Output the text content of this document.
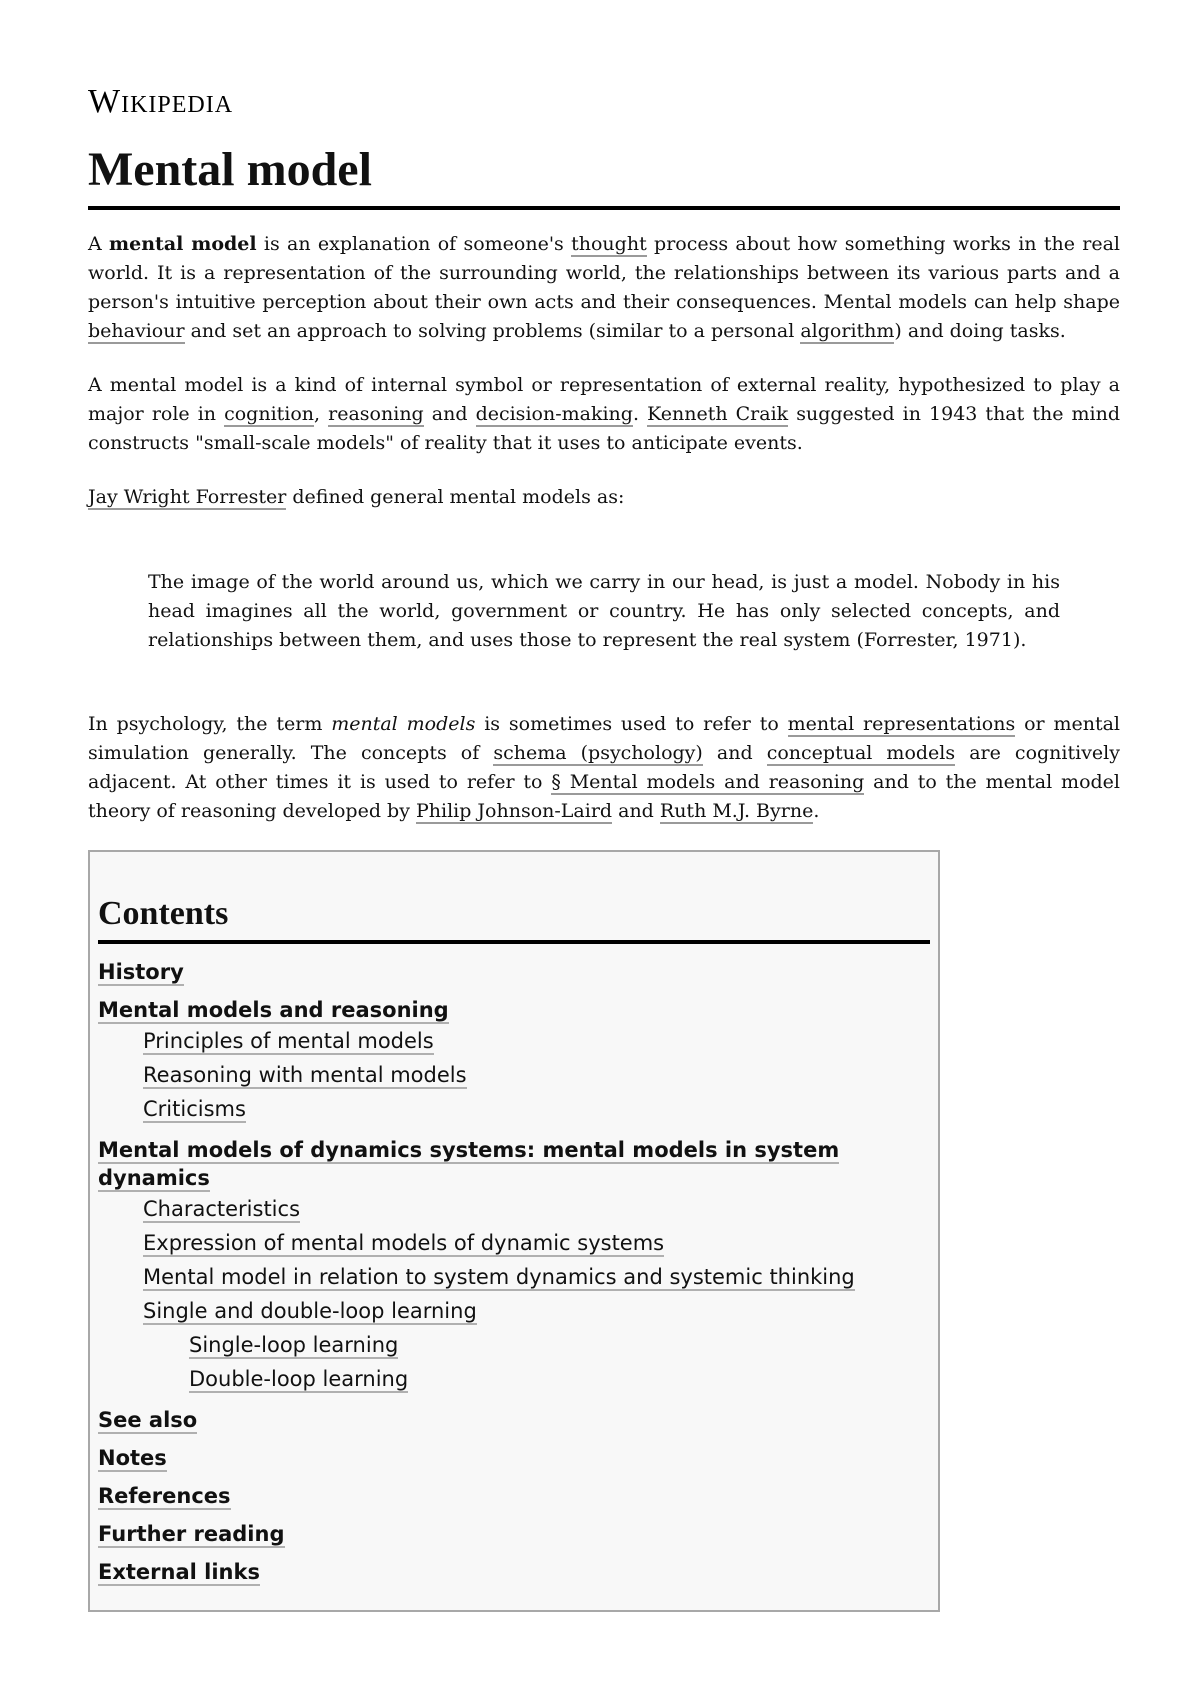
Wikipedia
Mental model

A mental model is an explanation of someone's thought process about how something works in the real world. It is a representation of the surrounding world, the relationships between its various parts and a person's intuitive perception about their own acts and their consequences. Mental models can help shape behaviour and set an approach to solving problems (similar to a personal algorithm) and doing tasks.

A mental model is a kind of internal symbol or representation of external reality, hypothesized to play a major role in cognition, reasoning and decision-making. Kenneth Craik suggested in 1943 that the mind constructs "small-scale models" of reality that it uses to anticipate events.

Jay Wright Forrester defined general mental models as:

The image of the world around us, which we carry in our head, is just a model. Nobody in his head imagines all the world, government or country. He has only selected concepts, and relationships between them, and uses those to represent the real system (Forrester, 1971).

In psychology, the term mental models is sometimes used to refer to mental representations or mental simulation generally. The concepts of schema (psychology) and conceptual models are cognitively adjacent. At other times it is used to refer to § Mental models and reasoning and to the mental model theory of reasoning developed by Philip Johnson-Laird and Ruth M.J. Byrne.

Contents
History
Mental models and reasoning
Principles of mental models
Reasoning with mental models
Criticisms
Mental models of dynamics systems: mental models in system dynamics
Characteristics
Expression of mental models of dynamic systems
Mental model in relation to system dynamics and systemic thinking
Single and double-loop learning
Single-loop learning
Double-loop learning
See also
Notes
References
Further reading
External links
